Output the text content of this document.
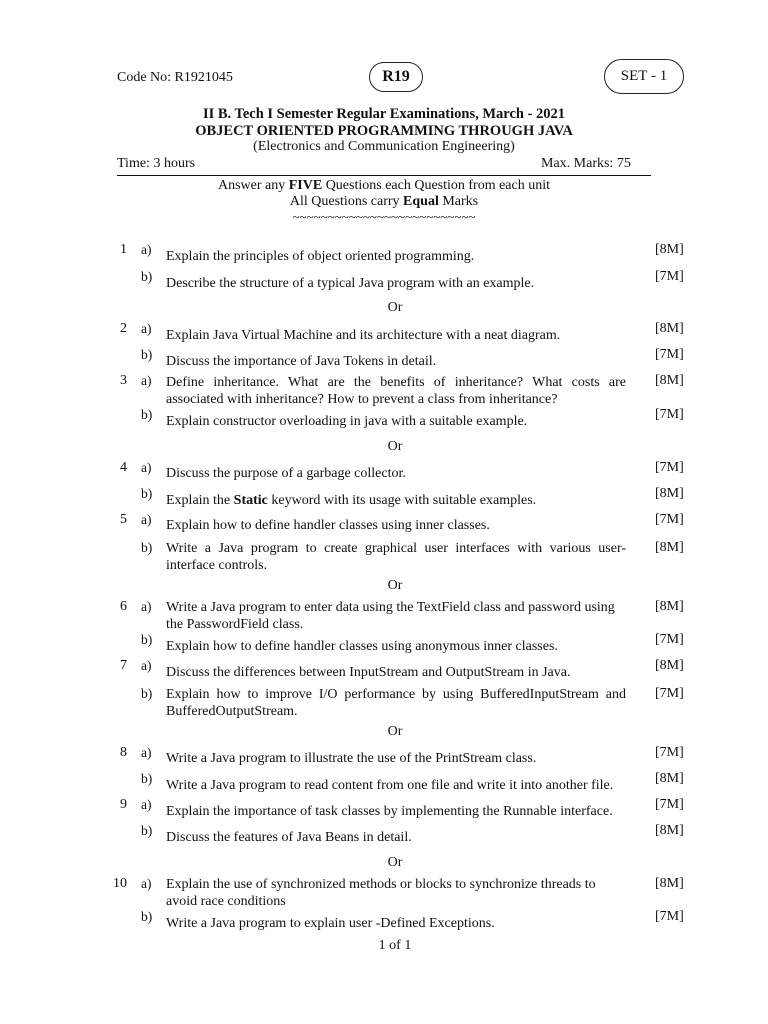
Code No: R1921045	R19	SET - 1
II B. Tech I Semester Regular Examinations, March - 2021
OBJECT ORIENTED PROGRAMMING THROUGH JAVA
(Electronics and Communication Engineering)
Time: 3 hours	Max. Marks: 75
Answer any FIVE Questions each Question from each unit
All Questions carry Equal Marks
~~~~~~~~~~~~~~~~~~~~~~~~~~
1 a) Explain the principles of object oriented programming.	[8M]
b) Describe the structure of a typical Java program with an example.	[7M]
Or
2 a) Explain Java Virtual Machine and its architecture with a neat diagram.	[8M]
b) Discuss the importance of Java Tokens in detail.	[7M]
3 a) Define inheritance. What are the benefits of inheritance? What costs are associated with inheritance? How to prevent a class from inheritance?
[8M]
b) Explain constructor overloading in java with a suitable example.	[7M]
Or
4 a) Discuss the purpose of a garbage collector.	[7M]
b) Explain the Static keyword with its usage with suitable examples.	[8M]
5 a) Explain how to define handler classes using inner classes.	[7M]
b) Write a Java program to create graphical user interfaces with various user-interface controls.
[8M]
Or
6 a) Write a Java program to enter data using the TextField class and password using the PasswordField class.
[8M]
b) Explain how to define handler classes using anonymous inner classes.	[7M]
7 a) Discuss the differences between InputStream and OutputStream in Java.	[8M]
b) Explain how to improve I/O performance by using BufferedInputStream and BufferedOutputStream.
[7M]
Or
8 a) Write a Java program to illustrate the use of the PrintStream class.	[7M]
b) Write a Java program to read content from one file and write it into another file.	[8M]
9 a) Explain the importance of task classes by implementing the Runnable interface.	[7M]
b) Discuss the features of Java Beans in detail.	[8M]
Or
10	a) Explain the use of synchronized methods or blocks to synchronize threads to avoid race conditions
[8M]
b) Write a Java program to explain user -Defined Exceptions.	[7M]
1 of 1
